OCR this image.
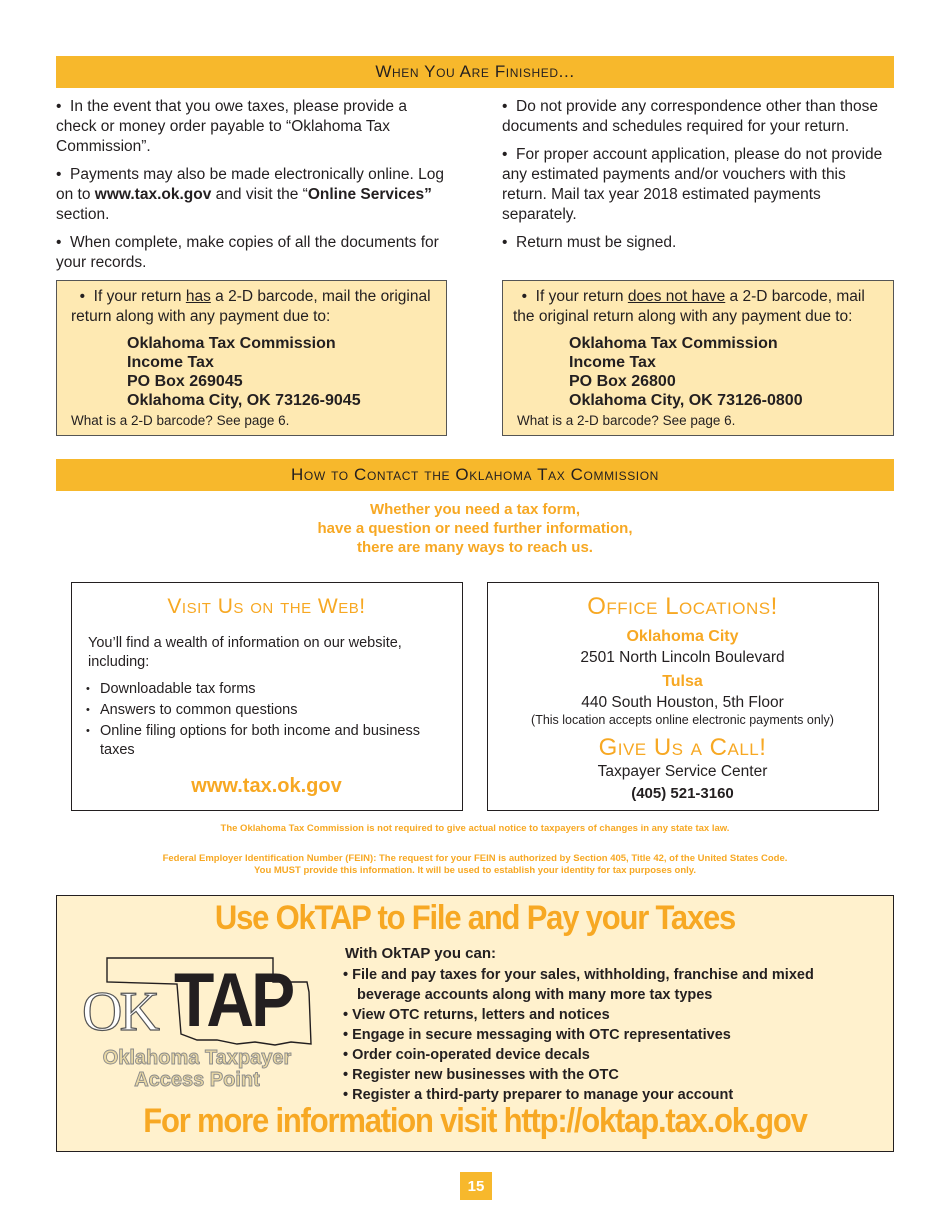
When You Are Finished...

•  In the event that you owe taxes, please provide a check or money order payable to “Oklahoma Tax Commission”.

•  Payments may also be made electronically online. Log on to www.tax.ok.gov and visit the “Online Services” section.

•  When complete, make copies of all the documents for your records.

•  Do not provide any correspondence other than those documents and schedules required for your return.

•  For proper account application, please do not provide any estimated payments and/or vouchers with this return. Mail tax year 2018 estimated payments separately.

•  Return must be signed.

•  If your return has a 2-D barcode, mail the original return along with any payment due to:
Oklahoma Tax Commission
Income Tax
PO Box 269045
Oklahoma City, OK 73126-9045
What is a 2-D barcode? See page 6.
•  If your return does not have a 2-D barcode, mail the original return along with any payment due to:
Oklahoma Tax Commission
Income Tax
PO Box 26800
Oklahoma City, OK 73126-0800
What is a 2-D barcode? See page 6.
How to Contact the Oklahoma Tax Commission
Whether you need a tax form,
have a question or need further information,
there are many ways to reach us.
Visit Us on the Web!
You’ll find a wealth of information on our website, including:
• Downloadable tax forms
• Answers to common questions
• Online filing options for both income and business taxes
www.tax.ok.gov
Office Locations!
Oklahoma City
2501 North Lincoln Boulevard
Tulsa
440 South Houston, 5th Floor
(This location accepts online electronic payments only)
Give Us a Call!
Taxpayer Service Center
(405) 521-3160
The Oklahoma Tax Commission is not required to give actual notice to taxpayers of changes in any state tax law.
Federal Employer Identification Number (FEIN): The request for your FEIN is authorized by Section 405, Title 42, of the United States Code.
You MUST provide this information. It will be used to establish your identity for tax purposes only.
Use OkTAP to File and Pay your Taxes
OK TAP
Oklahoma Taxpayer
Access Point
With OkTAP you can:
• File and pay taxes for your sales, withholding, franchise and mixed
beverage accounts along with many more tax types
• View OTC returns, letters and notices
• Engage in secure messaging with OTC representatives
• Order coin-operated device decals
• Register new businesses with the OTC
• Register a third-party preparer to manage your account
For more information visit http://oktap.tax.ok.gov
15
